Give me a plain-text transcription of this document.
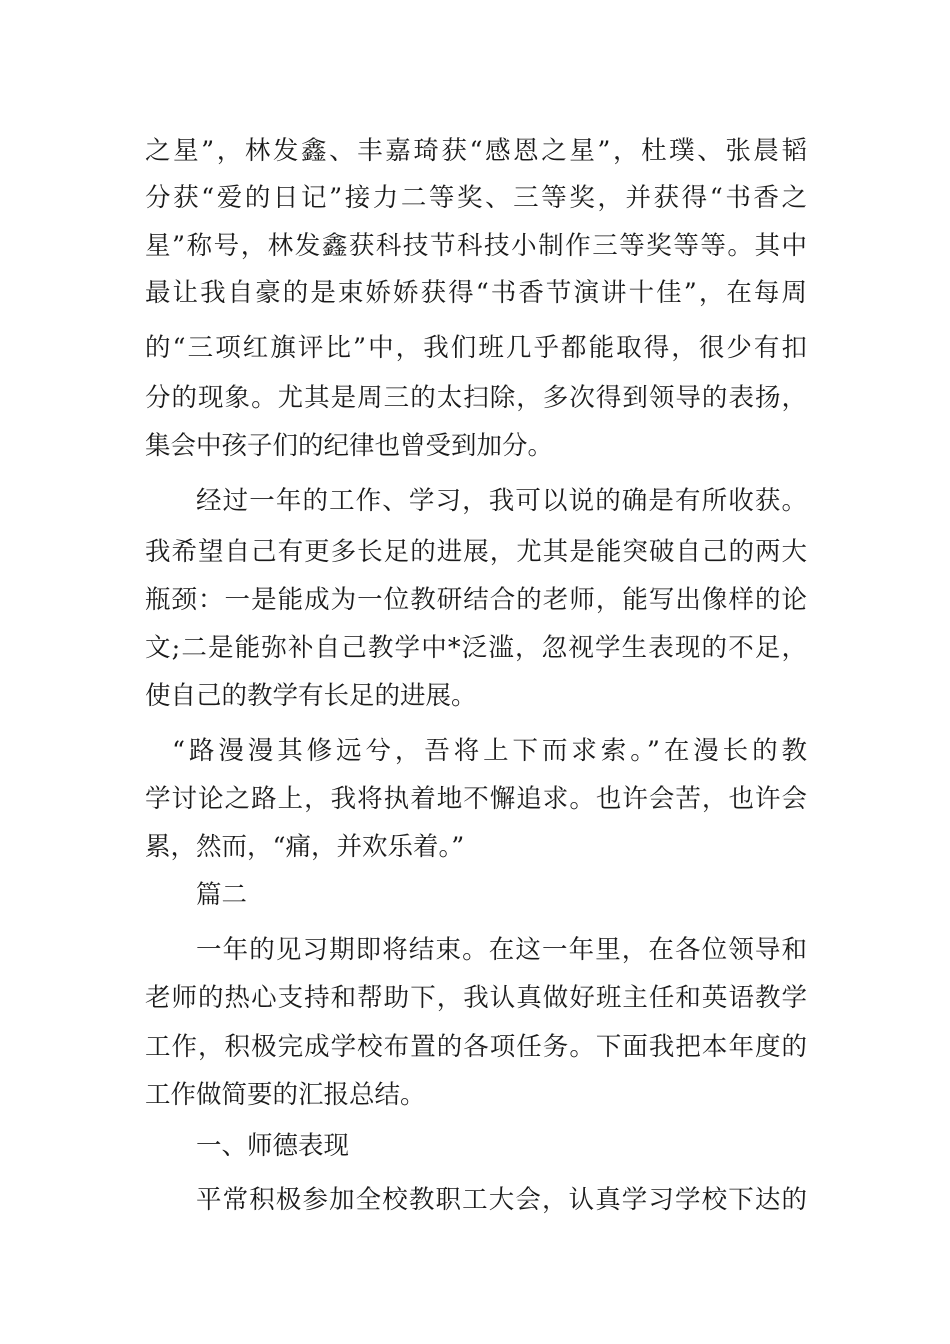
之星”，林发鑫、丰嘉琦获“感恩之星”，杜璞、张晨韬
分获“爱的日记”接力二等奖、三等奖，并获得“书香之
星”称号，林发鑫获科技节科技小制作三等奖等等。其中
最让我自豪的是束娇娇获得“书香节演讲十佳”，在每周
的“三项红旗评比”中，我们班几乎都能取得，很少有扣
分的现象。尤其是周三的太扫除，多次得到领导的表扬，
集会中孩子们的纪律也曾受到加分。
经过一年的工作、学习，我可以说的确是有所收获。
我希望自己有更多长足的进展，尤其是能突破自己的两大
瓶颈：一是能成为一位教研结合的老师，能写出像样的论
文;二是能弥补自己教学中*泛滥，忽视学生表现的不足，
使自己的教学有长足的进展。
“路漫漫其修远兮，吾将上下而求索。”在漫长的教
学讨论之路上，我将执着地不懈追求。也许会苦，也许会
累，然而，“痛，并欢乐着。”
篇二
一年的见习期即将结束。在这一年里，在各位领导和
老师的热心支持和帮助下，我认真做好班主任和英语教学
工作，积极完成学校布置的各项任务。下面我把本年度的
工作做简要的汇报总结。
一、师德表现
平常积极参加全校教职工大会，认真学习学校下达的
